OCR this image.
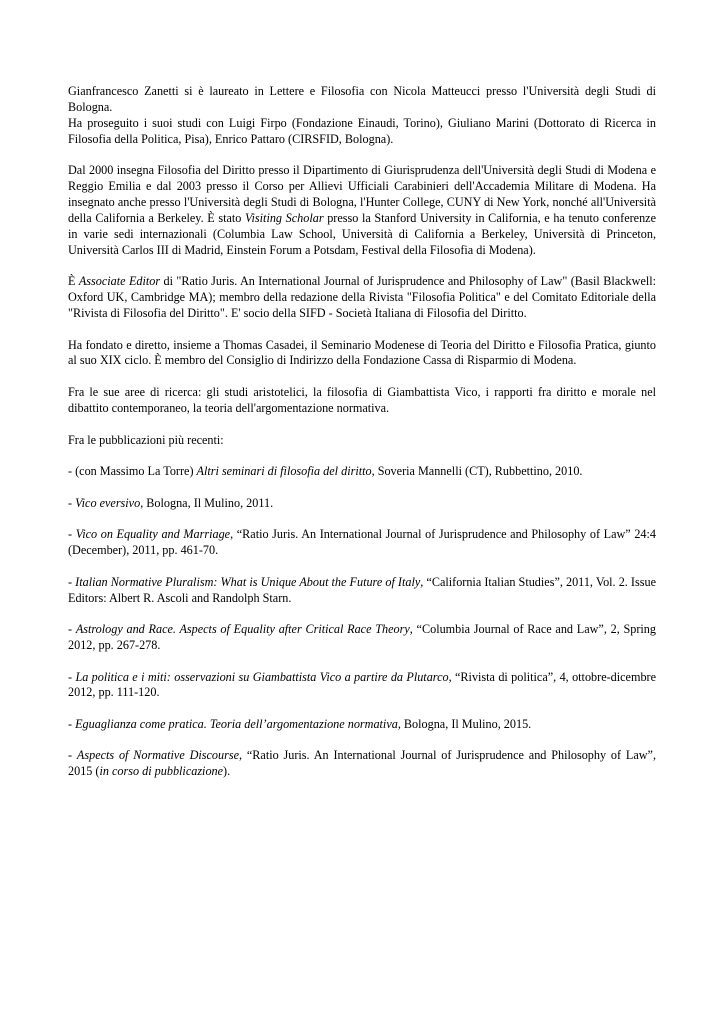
Gianfrancesco Zanetti si è laureato in Lettere e Filosofia con Nicola Matteucci presso l'Università degli Studi di Bologna.

Ha proseguito i suoi studi con Luigi Firpo (Fondazione Einaudi, Torino), Giuliano Marini (Dottorato di Ricerca in Filosofia della Politica, Pisa), Enrico Pattaro (CIRSFID, Bologna).

Dal 2000 insegna Filosofia del Diritto presso il Dipartimento di Giurisprudenza dell'Università degli Studi di Modena e Reggio Emilia e dal 2003 presso il Corso per Allievi Ufficiali Carabinieri dell'Accademia Militare di Modena. Ha insegnato anche presso l'Università degli Studi di Bologna, l'Hunter College, CUNY di New York, nonché all'Università della California a Berkeley. È stato Visiting Scholar presso la Stanford University in California, e ha tenuto conferenze in varie sedi internazionali (Columbia Law School, Università di California a Berkeley, Università di Princeton, Università Carlos III di Madrid, Einstein Forum a Potsdam, Festival della Filosofia di Modena).

È Associate Editor di "Ratio Juris. An International Journal of Jurisprudence and Philosophy of Law" (Basil Blackwell: Oxford UK, Cambridge MA); membro della redazione della Rivista "Filosofia Politica" e del Comitato Editoriale della "Rivista di Filosofia del Diritto". E' socio della SIFD - Società Italiana di Filosofia del Diritto.

Ha fondato e diretto, insieme a Thomas Casadei, il Seminario Modenese di Teoria del Diritto e Filosofia Pratica, giunto al suo XIX ciclo. È membro del Consiglio di Indirizzo della Fondazione Cassa di Risparmio di Modena.

Fra le sue aree di ricerca: gli studi aristotelici, la filosofia di Giambattista Vico, i rapporti fra diritto e morale nel dibattito contemporaneo, la teoria dell'argomentazione normativa.

Fra le pubblicazioni più recenti:

- (con Massimo La Torre) Altri seminari di filosofia del diritto, Soveria Mannelli (CT), Rubbettino, 2010.

- Vico eversivo, Bologna, Il Mulino, 2011.

- Vico on Equality and Marriage, “Ratio Juris. An International Journal of Jurisprudence and Philosophy of Law” 24:4 (December), 2011, pp. 461-70.

- Italian Normative Pluralism: What is Unique About the Future of Italy, “California Italian Studies”, 2011, Vol. 2. Issue Editors: Albert R. Ascoli and Randolph Starn.

- Astrology and Race. Aspects of Equality after Critical Race Theory, “Columbia Journal of Race and Law”, 2, Spring 2012, pp. 267-278.

- La politica e i miti: osservazioni su Giambattista Vico a partire da Plutarco, “Rivista di politica”, 4, ottobre-dicembre 2012, pp. 111-120.

- Eguaglianza come pratica. Teoria dell’argomentazione normativa, Bologna, Il Mulino, 2015.

- Aspects of Normative Discourse, “Ratio Juris. An International Journal of Jurisprudence and Philosophy of Law”, 2015 (in corso di pubblicazione).
